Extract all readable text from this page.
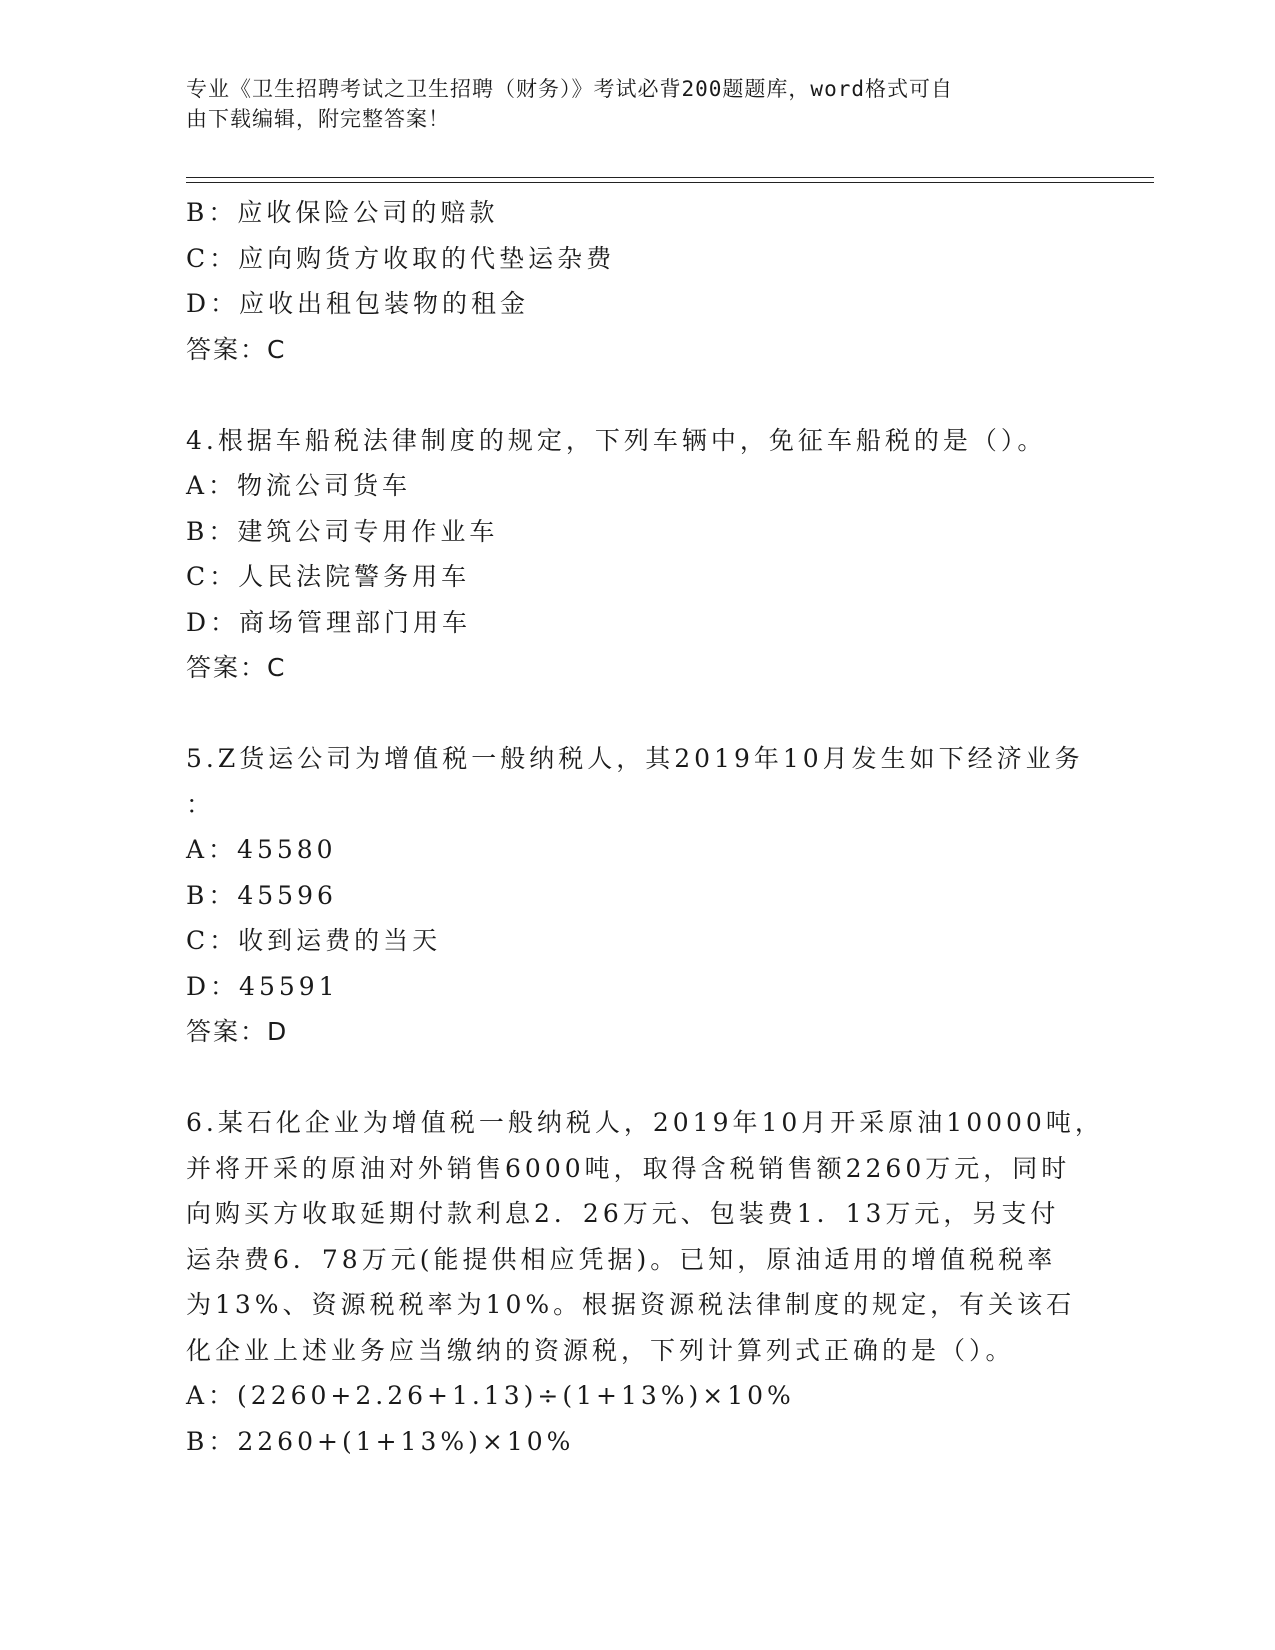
专业《卫生招聘考试之卫生招聘（财务）》考试必背200题题库，word格式可自
由下载编辑，附完整答案！
B：应收保险公司的赔款
C：应向购货方收取的代垫运杂费
D：应收出租包装物的租金
答案：C
4.根据车船税法律制度的规定，下列车辆中，免征车船税的是（）。
A：物流公司货车
B：建筑公司专用作业车
C：人民法院警务用车
D：商场管理部门用车
答案：C
5.Z货运公司为增值税一般纳税人，其2019年10月发生如下经济业务
：
A：45580
B：45596
C：收到运费的当天
D：45591
答案：D
6.某石化企业为增值税一般纳税人，2019年10月开采原油10000吨，
并将开采的原油对外销售6000吨，取得含税销售额2260万元，同时
向购买方收取延期付款利息2．26万元、包装费1．13万元，另支付
运杂费6．78万元(能提供相应凭据)。已知，原油适用的增值税税率
为13%、资源税税率为10%。根据资源税法律制度的规定，有关该石
化企业上述业务应当缴纳的资源税，下列计算列式正确的是（）。
A：(2260+2.26+1.13)÷(1+13%)×10%
B：2260+(1+13%)×10%
